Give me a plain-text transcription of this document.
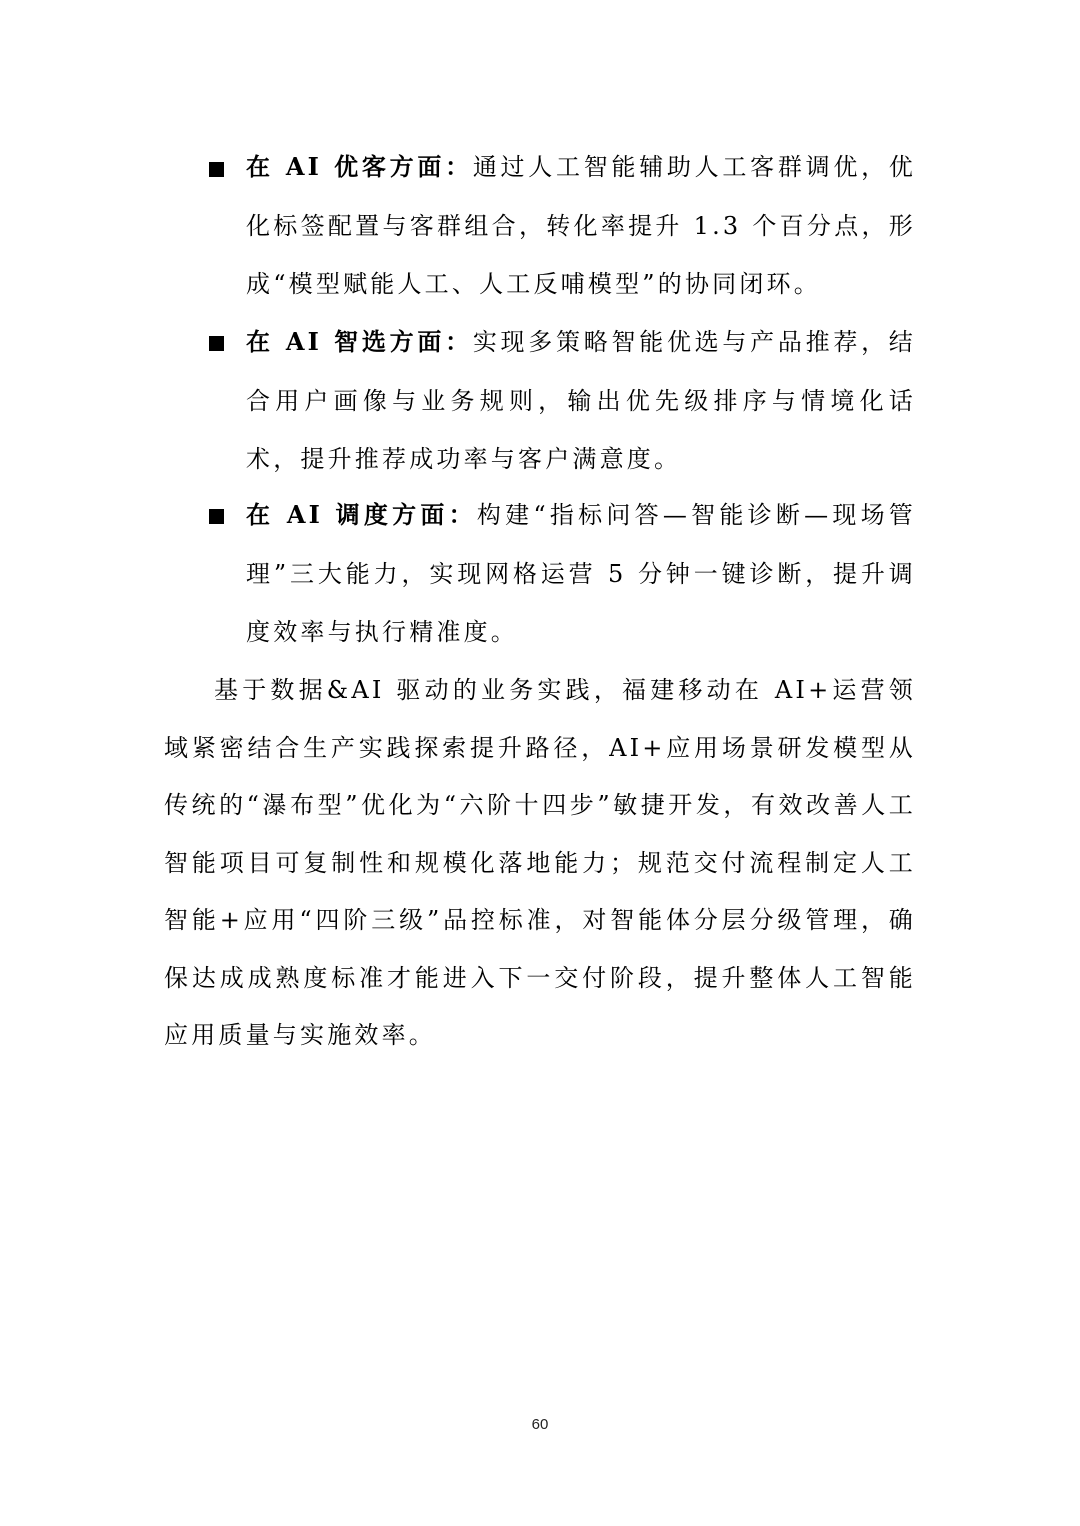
在 AI 优客方面：通过人工智能辅助人工客群调优，优化标签配置与客群组合，转化率提升 1.3 个百分点，形成“模型赋能人工、人工反哺模型”的协同闭环。
在 AI 智选方面：实现多策略智能优选与产品推荐，结合用户画像与业务规则，输出优先级排序与情境化话术，提升推荐成功率与客户满意度。
在 AI 调度方面：构建“指标问答—智能诊断—现场管理”三大能力，实现网格运营 5 分钟一键诊断，提升调度效率与执行精准度。

基于数据&AI 驱动的业务实践，福建移动在 AI+运营领域紧密结合生产实践探索提升路径，AI+应用场景研发模型从传统的“瀑布型”优化为“六阶十四步”敏捷开发，有效改善人工智能项目可复制性和规模化落地能力；规范交付流程制定人工智能+应用“四阶三级”品控标准，对智能体分层分级管理，确保达成成熟度标准才能进入下一交付阶段，提升整体人工智能应用质量与实施效率。

60
